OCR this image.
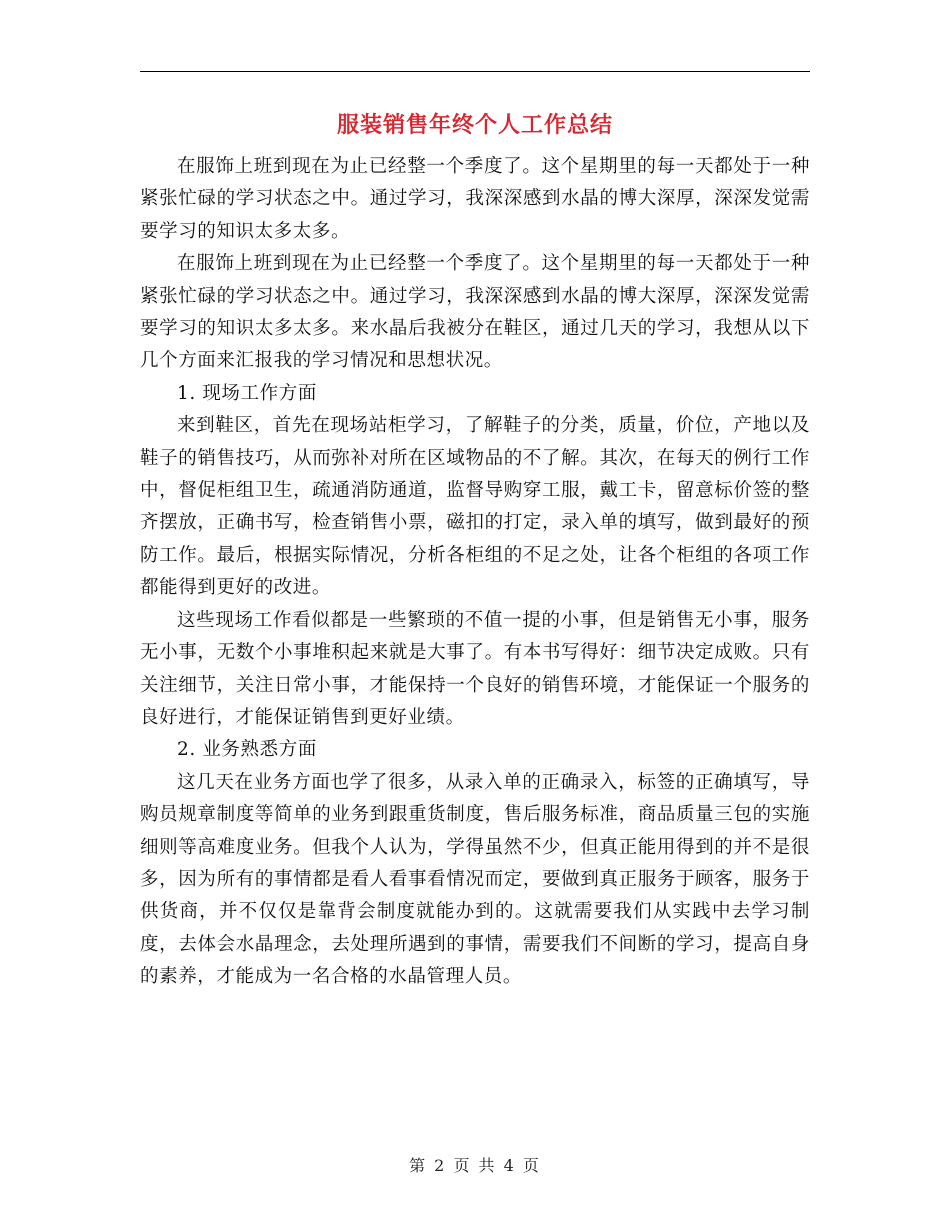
服装销售年终个人工作总结

在服饰上班到现在为止已经整一个季度了。这个星期里的每一天都处于一种紧张忙碌的学习状态之中。通过学习，我深深感到水晶的博大深厚，深深发觉需要学习的知识太多太多。

在服饰上班到现在为止已经整一个季度了。这个星期里的每一天都处于一种紧张忙碌的学习状态之中。通过学习，我深深感到水晶的博大深厚，深深发觉需要学习的知识太多太多。来水晶后我被分在鞋区，通过几天的学习，我想从以下几个方面来汇报我的学习情况和思想状况。

1. 现场工作方面

来到鞋区，首先在现场站柜学习，了解鞋子的分类，质量，价位，产地以及鞋子的销售技巧，从而弥补对所在区域物品的不了解。其次，在每天的例行工作中，督促柜组卫生，疏通消防通道，监督导购穿工服，戴工卡，留意标价签的整齐摆放，正确书写，检查销售小票，磁扣的打定，录入单的填写，做到最好的预防工作。最后，根据实际情况，分析各柜组的不足之处，让各个柜组的各项工作都能得到更好的改进。

这些现场工作看似都是一些繁琐的不值一提的小事，但是销售无小事，服务无小事，无数个小事堆积起来就是大事了。有本书写得好：细节决定成败。只有关注细节，关注日常小事，才能保持一个良好的销售环境，才能保证一个服务的良好进行，才能保证销售到更好业绩。

2. 业务熟悉方面

这几天在业务方面也学了很多，从录入单的正确录入，标签的正确填写，导购员规章制度等简单的业务到跟重货制度，售后服务标准，商品质量三包的实施细则等高难度业务。但我个人认为，学得虽然不少，但真正能用得到的并不是很多，因为所有的事情都是看人看事看情况而定，要做到真正服务于顾客，服务于供货商，并不仅仅是靠背会制度就能办到的。这就需要我们从实践中去学习制度，去体会水晶理念，去处理所遇到的事情，需要我们不间断的学习，提高自身的素养，才能成为一名合格的水晶管理人员。

第 2 页 共 4 页
